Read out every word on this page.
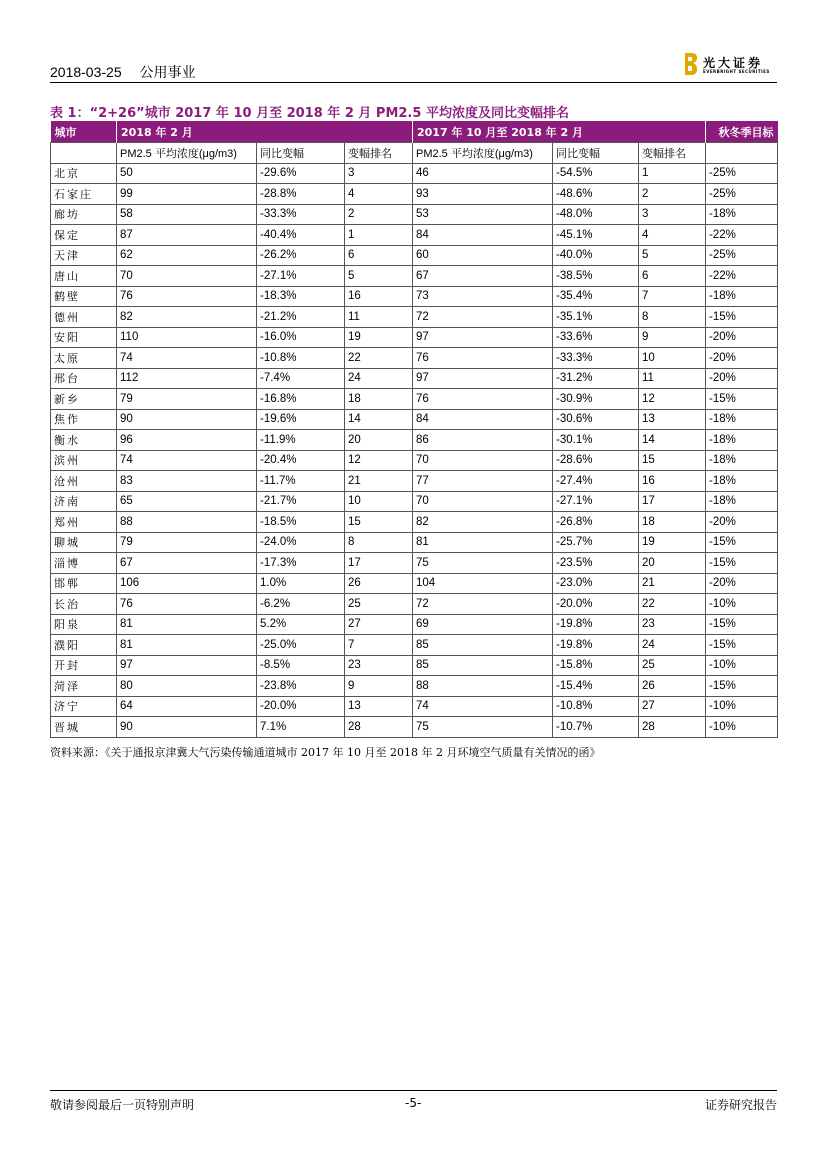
2018-03-25 公用事业
光大证券
EVERBRIGHT SECURITIES
表 1：“2+26”城市 2017 年 10 月至 2018 年 2 月 PM2.5 平均浓度及同比变幅排名
城市	2018 年 2 月			2017 年 10 月至 2018 年 2 月			秋冬季目标
	PM2.5 平均浓度(μg/m3)	同比变幅	变幅排名	PM2.5 平均浓度(μg/m3)	同比变幅	变幅排名	
北京	50	-29.6%	3	46	-54.5%	1	-25%
石家庄	99	-28.8%	4	93	-48.6%	2	-25%
廊坊	58	-33.3%	2	53	-48.0%	3	-18%
保定	87	-40.4%	1	84	-45.1%	4	-22%
天津	62	-26.2%	6	60	-40.0%	5	-25%
唐山	70	-27.1%	5	67	-38.5%	6	-22%
鹤壁	76	-18.3%	16	73	-35.4%	7	-18%
德州	82	-21.2%	11	72	-35.1%	8	-15%
安阳	110	-16.0%	19	97	-33.6%	9	-20%
太原	74	-10.8%	22	76	-33.3%	10	-20%
邢台	112	-7.4%	24	97	-31.2%	11	-20%
新乡	79	-16.8%	18	76	-30.9%	12	-15%
焦作	90	-19.6%	14	84	-30.6%	13	-18%
衡水	96	-11.9%	20	86	-30.1%	14	-18%
滨州	74	-20.4%	12	70	-28.6%	15	-18%
沧州	83	-11.7%	21	77	-27.4%	16	-18%
济南	65	-21.7%	10	70	-27.1%	17	-18%
郑州	88	-18.5%	15	82	-26.8%	18	-20%
聊城	79	-24.0%	8	81	-25.7%	19	-15%
淄博	67	-17.3%	17	75	-23.5%	20	-15%
邯郸	106	1.0%	26	104	-23.0%	21	-20%
长治	76	-6.2%	25	72	-20.0%	22	-10%
阳泉	81	5.2%	27	69	-19.8%	23	-15%
濮阳	81	-25.0%	7	85	-19.8%	24	-15%
开封	97	-8.5%	23	85	-15.8%	25	-10%
菏泽	80	-23.8%	9	88	-15.4%	26	-15%
济宁	64	-20.0%	13	74	-10.8%	27	-10%
晋城	90	7.1%	28	75	-10.7%	28	-10%
资料来源：《关于通报京津冀大气污染传输通道城市 2017 年 10 月至 2018 年 2 月环境空气质量有关情况的函》
敬请参阅最后一页特别声明	-5-	证券研究报告
